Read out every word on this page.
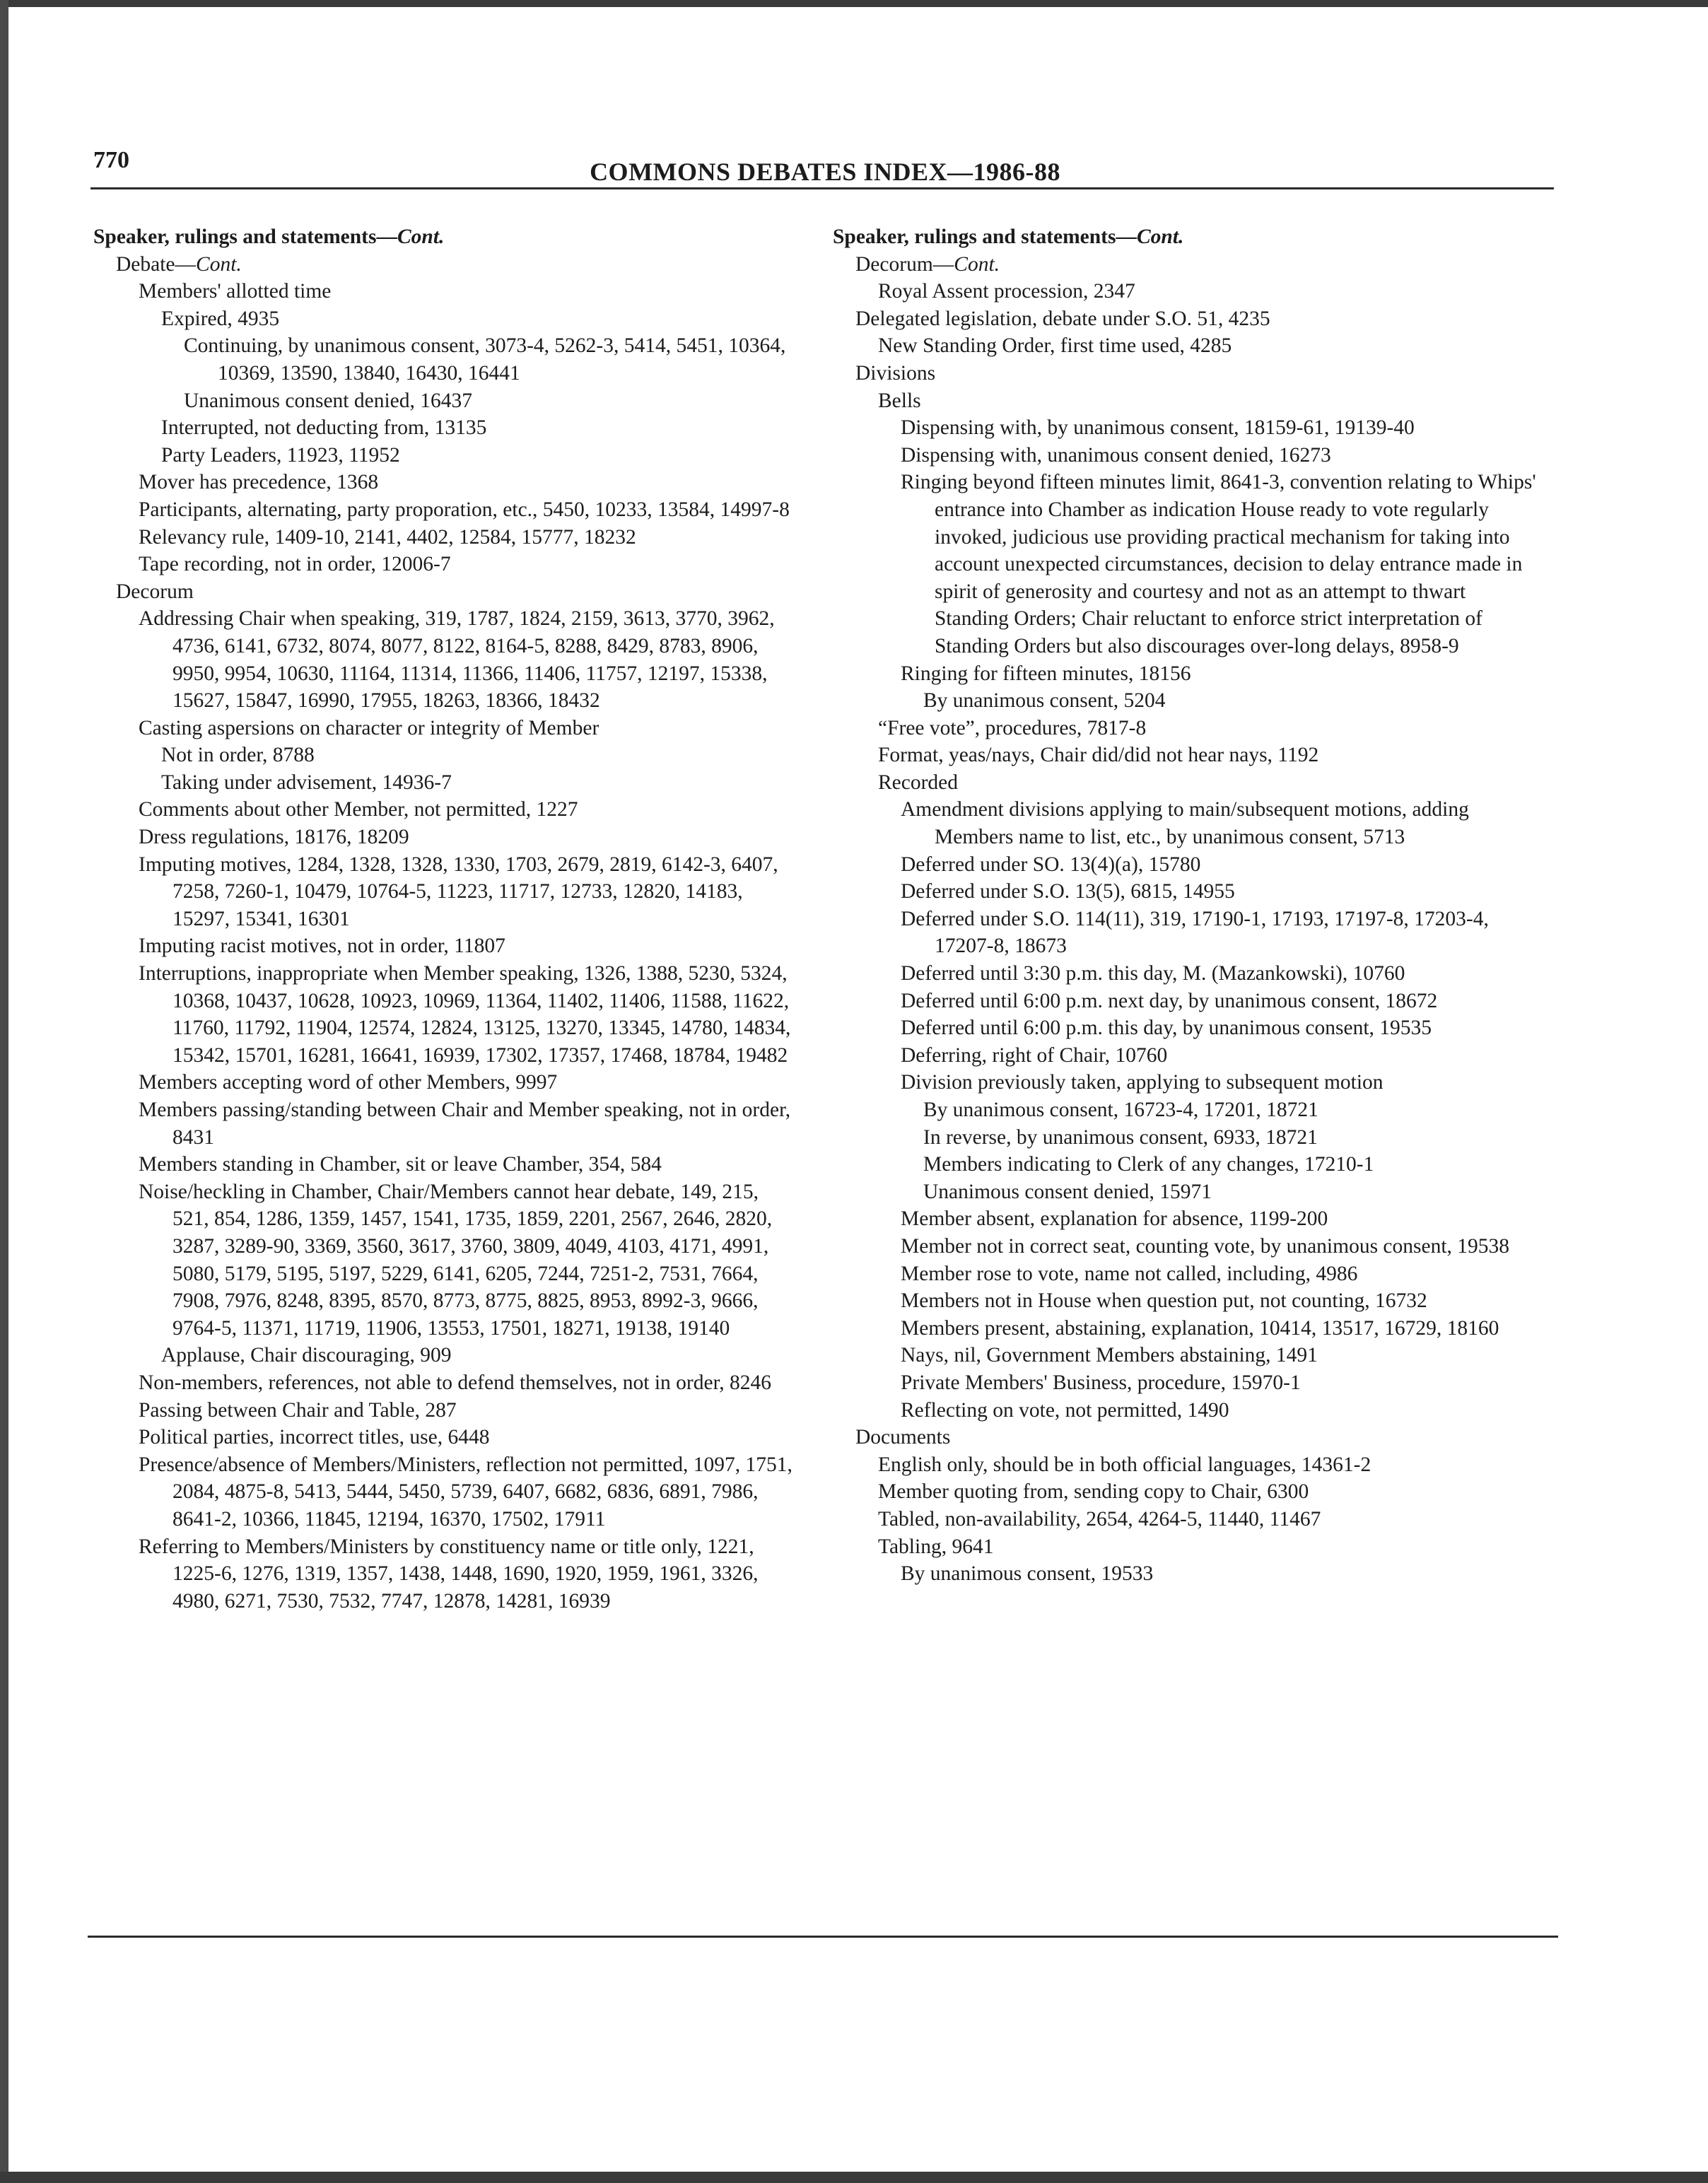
770	COMMONS DEBATES INDEX—1986-88

Speaker, rulings and statements—Cont.

Debate—Cont.

Members' allotted time

Expired, 4935

Continuing, by unanimous consent, 3073-4, 5262-3, 5414, 5451, 10364, 10369, 13590, 13840, 16430, 16441

Unanimous consent denied, 16437

Interrupted, not deducting from, 13135

Party Leaders, 11923, 11952

Mover has precedence, 1368

Participants, alternating, party proporation, etc., 5450, 10233, 13584, 14997-8

Relevancy rule, 1409-10, 2141, 4402, 12584, 15777, 18232

Tape recording, not in order, 12006-7

Decorum

Addressing Chair when speaking, 319, 1787, 1824, 2159, 3613, 3770, 3962, 4736, 6141, 6732, 8074, 8077, 8122, 8164-5, 8288, 8429, 8783, 8906, 9950, 9954, 10630, 11164, 11314, 11366, 11406, 11757, 12197, 15338, 15627, 15847, 16990, 17955, 18263, 18366, 18432

Casting aspersions on character or integrity of Member

Not in order, 8788

Taking under advisement, 14936-7

Comments about other Member, not permitted, 1227

Dress regulations, 18176, 18209

Imputing motives, 1284, 1328, 1328, 1330, 1703, 2679, 2819, 6142-3, 6407, 7258, 7260-1, 10479, 10764-5, 11223, 11717, 12733, 12820, 14183, 15297, 15341, 16301

Imputing racist motives, not in order, 11807

Interruptions, inappropriate when Member speaking, 1326, 1388, 5230, 5324, 10368, 10437, 10628, 10923, 10969, 11364, 11402, 11406, 11588, 11622, 11760, 11792, 11904, 12574, 12824, 13125, 13270, 13345, 14780, 14834, 15342, 15701, 16281, 16641, 16939, 17302, 17357, 17468, 18784, 19482

Members accepting word of other Members, 9997

Members passing/standing between Chair and Member speaking, not in order, 8431

Members standing in Chamber, sit or leave Chamber, 354, 584

Noise/heckling in Chamber, Chair/Members cannot hear debate, 149, 215, 521, 854, 1286, 1359, 1457, 1541, 1735, 1859, 2201, 2567, 2646, 2820, 3287, 3289-90, 3369, 3560, 3617, 3760, 3809, 4049, 4103, 4171, 4991, 5080, 5179, 5195, 5197, 5229, 6141, 6205, 7244, 7251-2, 7531, 7664, 7908, 7976, 8248, 8395, 8570, 8773, 8775, 8825, 8953, 8992-3, 9666, 9764-5, 11371, 11719, 11906, 13553, 17501, 18271, 19138, 19140

Applause, Chair discouraging, 909

Non-members, references, not able to defend themselves, not in order, 8246

Passing between Chair and Table, 287

Political parties, incorrect titles, use, 6448

Presence/absence of Members/Ministers, reflection not permitted, 1097, 1751, 2084, 4875-8, 5413, 5444, 5450, 5739, 6407, 6682, 6836, 6891, 7986, 8641-2, 10366, 11845, 12194, 16370, 17502, 17911

Referring to Members/Ministers by constituency name or title only, 1221, 1225-6, 1276, 1319, 1357, 1438, 1448, 1690, 1920, 1959, 1961, 3326, 4980, 6271, 7530, 7532, 7747, 12878, 14281, 16939

Speaker, rulings and statements—Cont.

Decorum—Cont.

Royal Assent procession, 2347

Delegated legislation, debate under S.O. 51, 4235

New Standing Order, first time used, 4285

Divisions

Bells

Dispensing with, by unanimous consent, 18159-61, 19139-40

Dispensing with, unanimous consent denied, 16273

Ringing beyond fifteen minutes limit, 8641-3, convention relating to Whips' entrance into Chamber as indication House ready to vote regularly invoked, judicious use providing practical mechanism for taking into account unexpected circumstances, decision to delay entrance made in spirit of generosity and courtesy and not as an attempt to thwart Standing Orders; Chair reluctant to enforce strict interpretation of Standing Orders but also discourages over-long delays, 8958-9

Ringing for fifteen minutes, 18156

By unanimous consent, 5204

“Free vote”, procedures, 7817-8

Format, yeas/nays, Chair did/did not hear nays, 1192

Recorded

Amendment divisions applying to main/subsequent motions, adding Members name to list, etc., by unanimous consent, 5713

Deferred under SO. 13(4)(a), 15780

Deferred under S.O. 13(5), 6815, 14955

Deferred under S.O. 114(11), 319, 17190-1, 17193, 17197-8, 17203-4, 17207-8, 18673

Deferred until 3:30 p.m. this day, M. (Mazankowski), 10760

Deferred until 6:00 p.m. next day, by unanimous consent, 18672

Deferred until 6:00 p.m. this day, by unanimous consent, 19535

Deferring, right of Chair, 10760

Division previously taken, applying to subsequent motion

By unanimous consent, 16723-4, 17201, 18721

In reverse, by unanimous consent, 6933, 18721

Members indicating to Clerk of any changes, 17210-1

Unanimous consent denied, 15971

Member absent, explanation for absence, 1199-200

Member not in correct seat, counting vote, by unanimous consent, 19538

Member rose to vote, name not called, including, 4986

Members not in House when question put, not counting, 16732

Members present, abstaining, explanation, 10414, 13517, 16729, 18160

Nays, nil, Government Members abstaining, 1491

Private Members' Business, procedure, 15970-1

Reflecting on vote, not permitted, 1490

Documents

English only, should be in both official languages, 14361-2

Member quoting from, sending copy to Chair, 6300

Tabled, non-availability, 2654, 4264-5, 11440, 11467

Tabling, 9641

By unanimous consent, 19533
